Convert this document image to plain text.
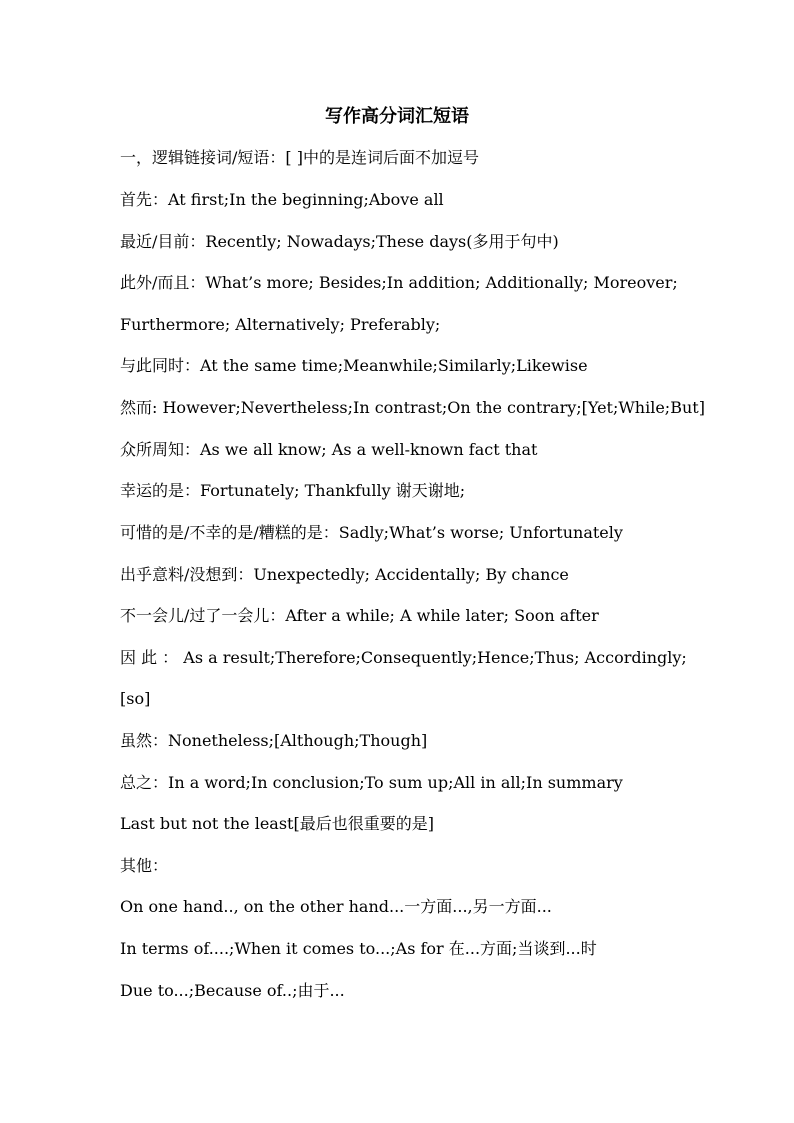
写作高分词汇短语
一，逻辑链接词/短语：[ ]中的是连词后面不加逗号
首先：At first;In the beginning;Above all
最近/目前：Recently; Nowadays;These days(多用于句中)
此外/而且：What’s more; Besides;In addition; Additionally; Moreover;
Furthermore; Alternatively; Preferably;
与此同时：At the same time;Meanwhile;Similarly;Likewise
然而: However;Nevertheless;In contrast;On the contrary;[Yet;While;But]
众所周知：As we all know; As a well-known fact that
幸运的是：Fortunately; Thankfully 谢天谢地;
可惜的是/不幸的是/糟糕的是：Sadly;What’s worse; Unfortunately
出乎意料/没想到：Unexpectedly; Accidentally; By chance
不一会儿/过了一会儿：After a while; A while later; Soon after
因 此 ： As a result;Therefore;Consequently;Hence;Thus; Accordingly;
[so]
虽然：Nonetheless;[Although;Though]
总之：In a word;In conclusion;To sum up;All in all;In summary
Last but not the least[最后也很重要的是]
其他：
On one hand.., on the other hand...一方面...,另一方面...
In terms of....;When it comes to...;As for 在...方面;当谈到...时
Due to...;Because of..;由于...
